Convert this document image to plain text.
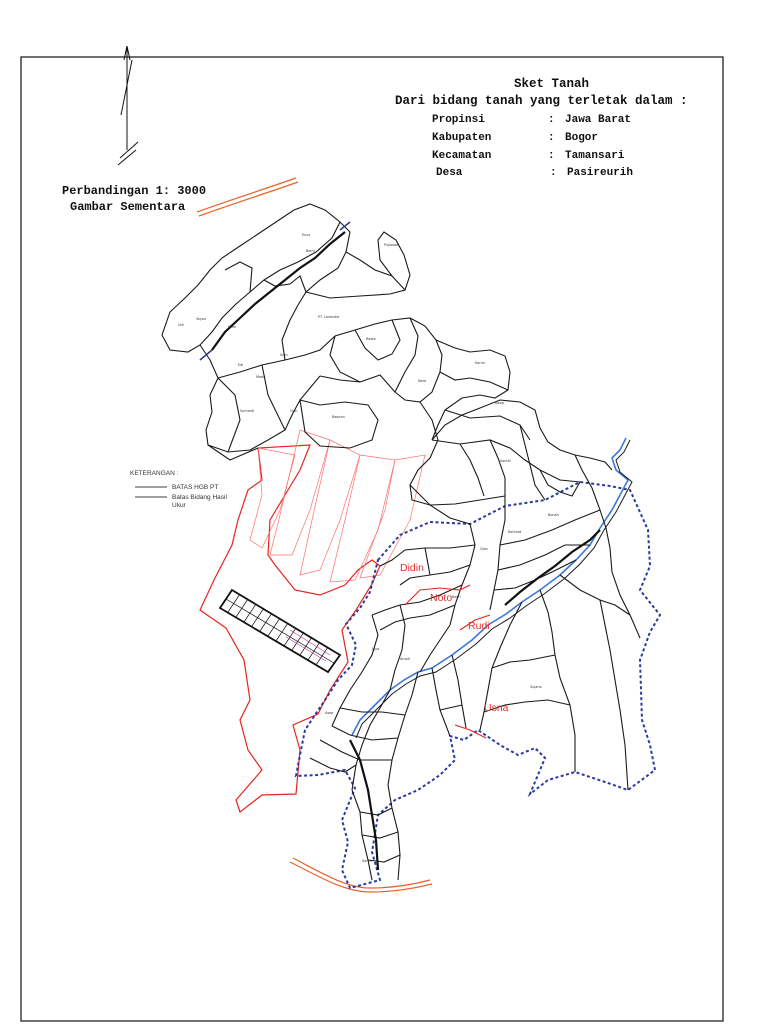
Sket Tanah
Dari bidang tanah yang terletak dalam :
Propinsi	: Jawa Barat
Kabupaten	: Bogor
Kecamatan	: Tamansari
Desa	: Pasireurih
Perbandingan 1: 3000
Gambar Sementara
Enus
Bemi
Pujiawati
PT. Lavender
Yoyon
Udi	Ekim
Sum
Madri
Edi
Sumardi
Nera
Basiran
Ucin
Rasta
Karim
Rasip
Santih
Jaya
Amah
Basri
Ojon
Rahmat
Bonah
Sujana
Asep
Sarim
Didin
Noto
Rudi
Usna
KETERANGAN :
BATAS HGB PT
Batas Bidang Hasil
Ukur
